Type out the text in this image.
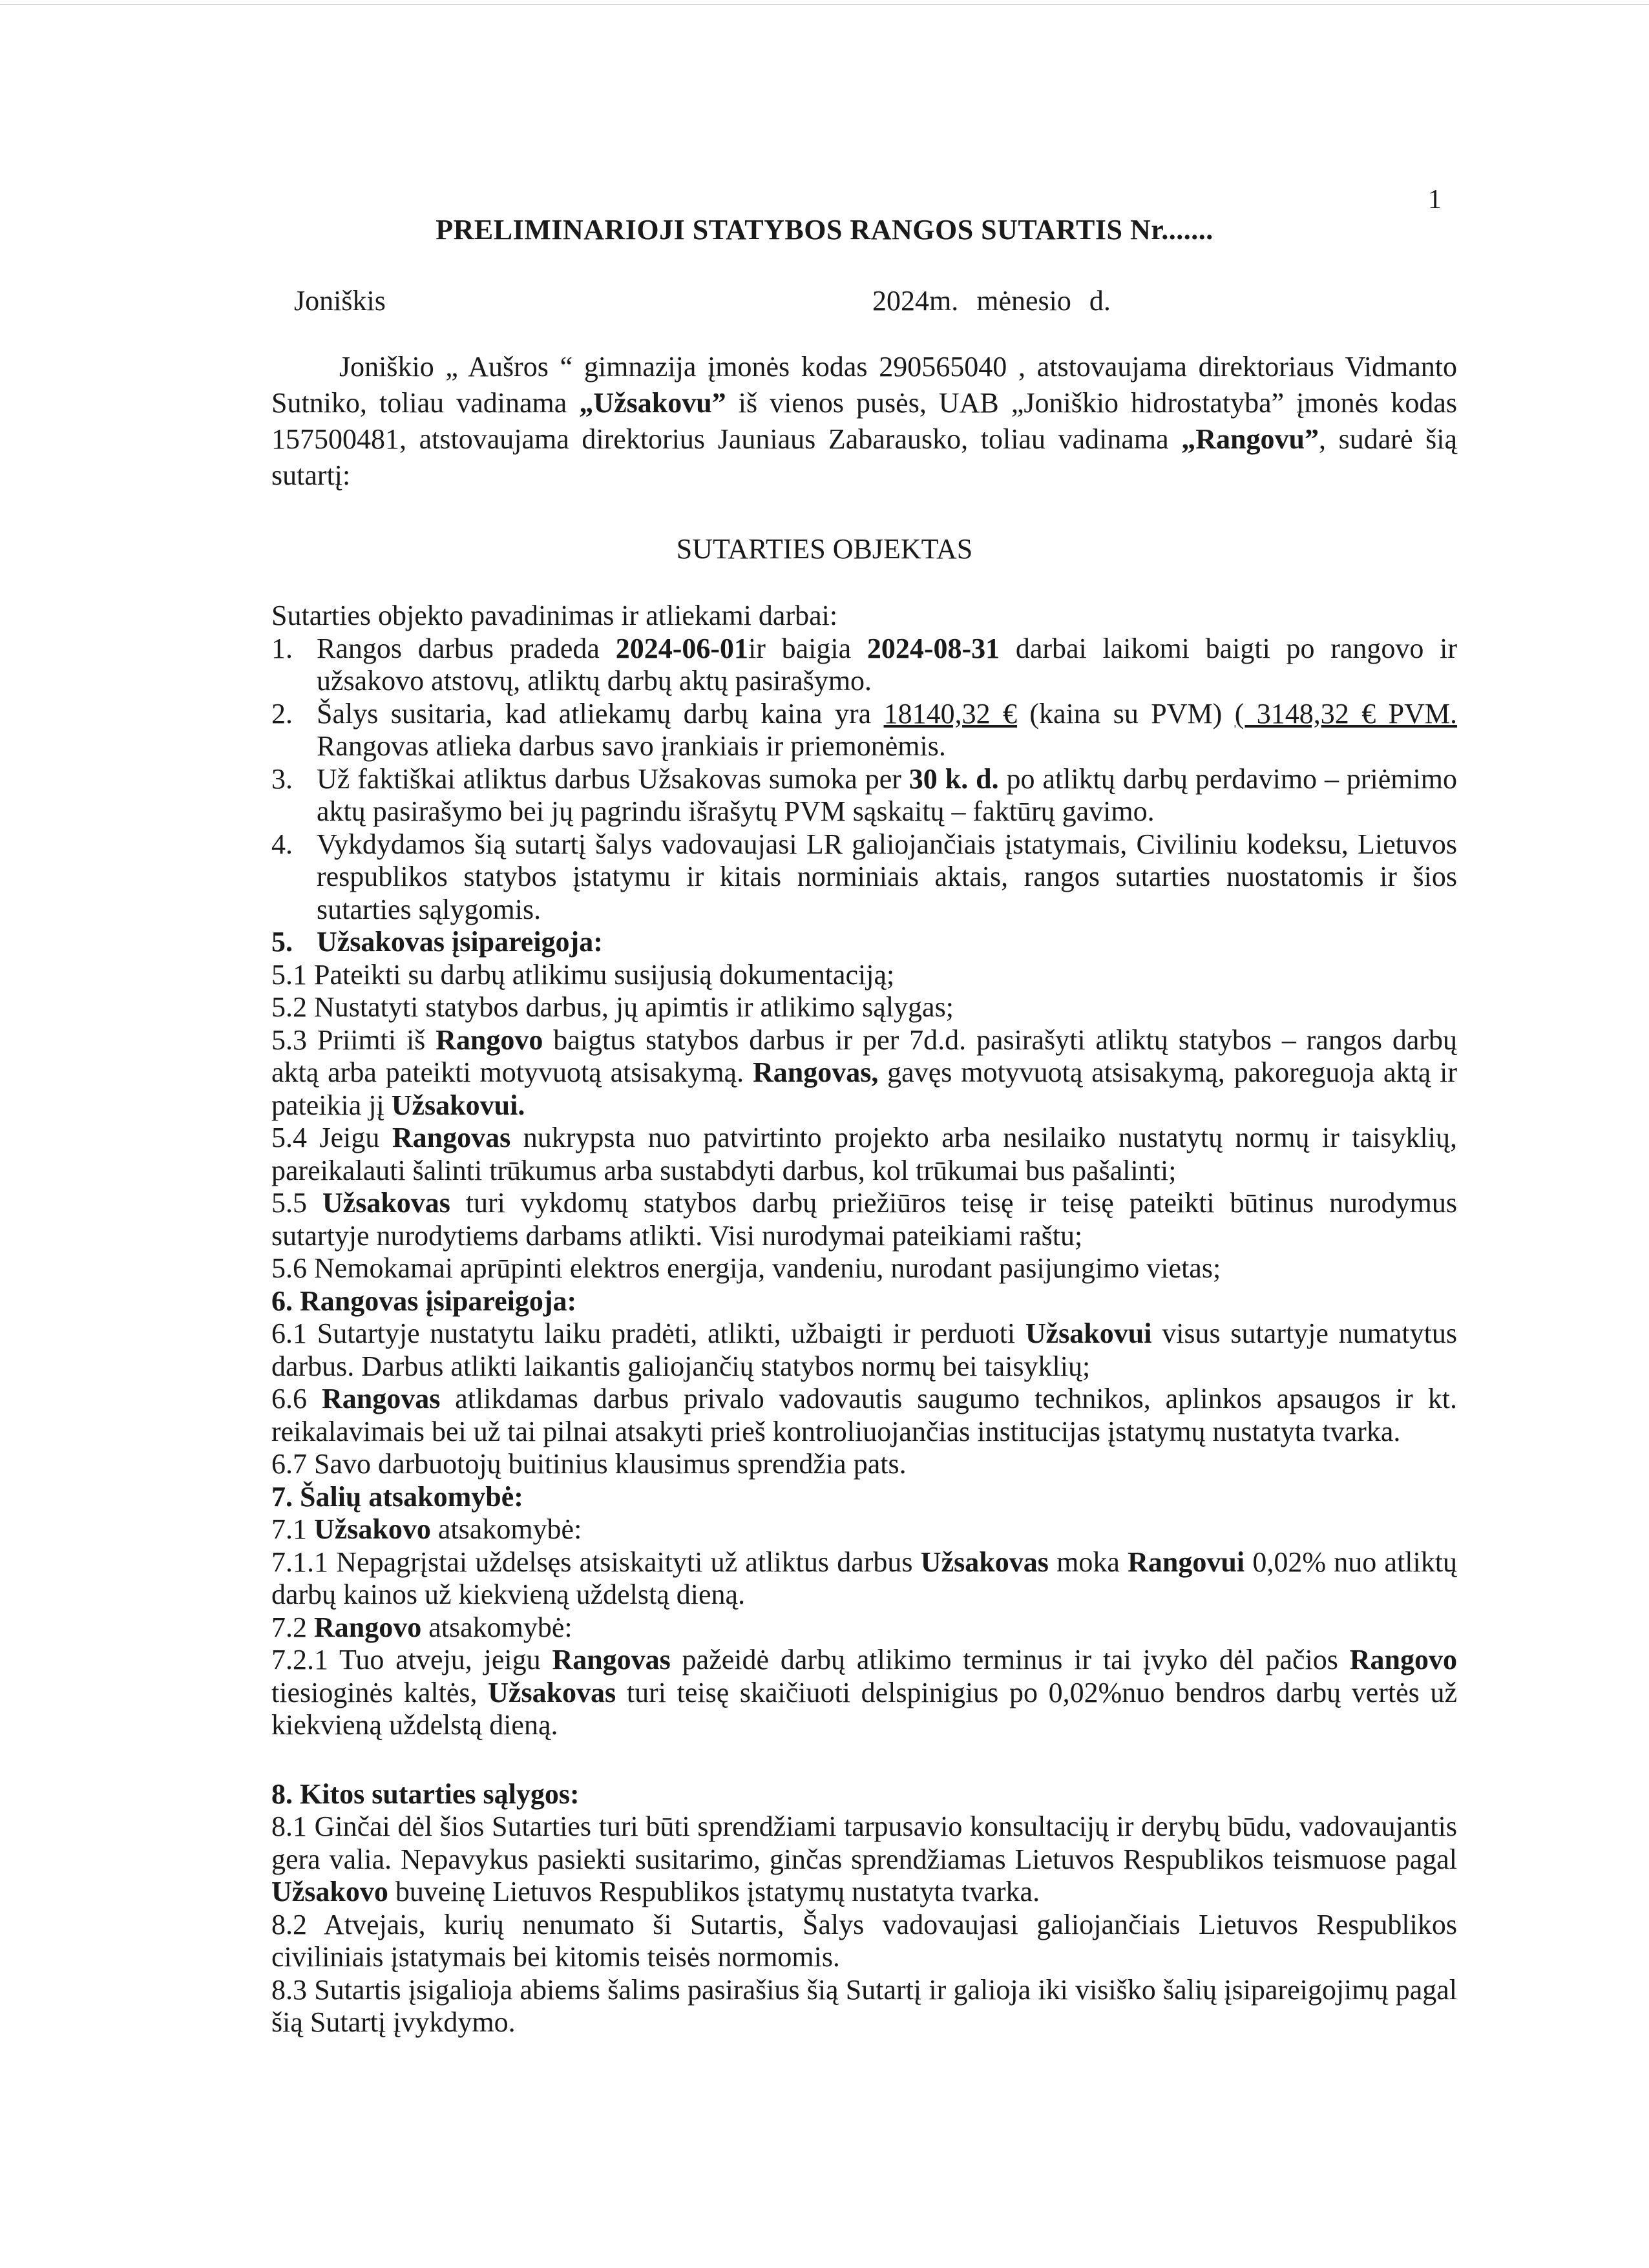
1
PRELIMINARIOJI STATYBOS RANGOS SUTARTIS Nr.......
Joniškis	2024m. mėnesio d.
Joniškio „ Aušros “ gimnazija įmonės kodas 290565040 , atstovaujama direktoriaus Vidmanto Sutniko, toliau vadinama „Užsakovu” iš vienos pusės, UAB „Joniškio hidrostatyba” įmonės kodas 157500481, atstovaujama direktorius Jauniaus Zabarausko, toliau vadinama „Rangovu”, sudarė šią sutartį:
SUTARTIES OBJEKTAS

Sutarties objekto pavadinimas ir atliekami darbai:

1. Rangos darbus pradeda 2024-06-01ir baigia 2024-08-31 darbai laikomi baigti po rangovo ir užsakovo atstovų, atliktų darbų aktų pasirašymo.
2. Šalys susitaria, kad atliekamų darbų kaina yra 18140,32 € (kaina su PVM) ( 3148,32 € PVM. Rangovas atlieka darbus savo įrankiais ir priemonėmis.
3. Už faktiškai atliktus darbus Užsakovas sumoka per 30 k. d. po atliktų darbų perdavimo – priėmimo aktų pasirašymo bei jų pagrindu išrašytų PVM sąskaitų – faktūrų gavimo.
4. Vykdydamos šią sutartį šalys vadovaujasi LR galiojančiais įstatymais, Civiliniu kodeksu, Lietuvos respublikos statybos įstatymu ir kitais norminiais aktais, rangos sutarties nuostatomis ir šios sutarties sąlygomis.
5. Užsakovas įsipareigoja:

5.1 Pateikti su darbų atlikimu susijusią dokumentaciją;

5.2 Nustatyti statybos darbus, jų apimtis ir atlikimo sąlygas;

5.3 Priimti iš Rangovo baigtus statybos darbus ir per 7d.d. pasirašyti atliktų statybos – rangos darbų aktą arba pateikti motyvuotą atsisakymą. Rangovas, gavęs motyvuotą atsisakymą, pakoreguoja aktą ir pateikia jį Užsakovui.

5.4 Jeigu Rangovas nukrypsta nuo patvirtinto projekto arba nesilaiko nustatytų normų ir taisyklių, pareikalauti šalinti trūkumus arba sustabdyti darbus, kol trūkumai bus pašalinti;

5.5 Užsakovas turi vykdomų statybos darbų priežiūros teisę ir teisę pateikti būtinus nurodymus sutartyje nurodytiems darbams atlikti. Visi nurodymai pateikiami raštu;

5.6 Nemokamai aprūpinti elektros energija, vandeniu, nurodant pasijungimo vietas;

6. Rangovas įsipareigoja:

6.1 Sutartyje nustatytu laiku pradėti, atlikti, užbaigti ir perduoti Užsakovui visus sutartyje numatytus darbus. Darbus atlikti laikantis galiojančių statybos normų bei taisyklių;

6.6 Rangovas atlikdamas darbus privalo vadovautis saugumo technikos, aplinkos apsaugos ir kt. reikalavimais bei už tai pilnai atsakyti prieš kontroliuojančias institucijas įstatymų nustatyta tvarka.

6.7 Savo darbuotojų buitinius klausimus sprendžia pats.

7. Šalių atsakomybė:

7.1 Užsakovo atsakomybė:

7.1.1 Nepagrįstai uždelsęs atsiskaityti už atliktus darbus Užsakovas moka Rangovui 0,02% nuo atliktų darbų kainos už kiekvieną uždelstą dieną.

7.2 Rangovo atsakomybė:

7.2.1 Tuo atveju, jeigu Rangovas pažeidė darbų atlikimo terminus ir tai įvyko dėl pačios Rangovo tiesioginės kaltės, Užsakovas turi teisę skaičiuoti delspinigius po 0,02%nuo bendros darbų vertės už kiekvieną uždelstą dieną.

8. Kitos sutarties sąlygos:

8.1 Ginčai dėl šios Sutarties turi būti sprendžiami tarpusavio konsultacijų ir derybų būdu, vadovaujantis gera valia. Nepavykus pasiekti susitarimo, ginčas sprendžiamas Lietuvos Respublikos teismuose pagal Užsakovo buveinę Lietuvos Respublikos įstatymų nustatyta tvarka.

8.2 Atvejais, kurių nenumato ši Sutartis, Šalys vadovaujasi galiojančiais Lietuvos Respublikos civiliniais įstatymais bei kitomis teisės normomis.

8.3 Sutartis įsigalioja abiems šalims pasirašius šią Sutartį ir galioja iki visiško šalių įsipareigojimų pagal šią Sutartį įvykdymo.
